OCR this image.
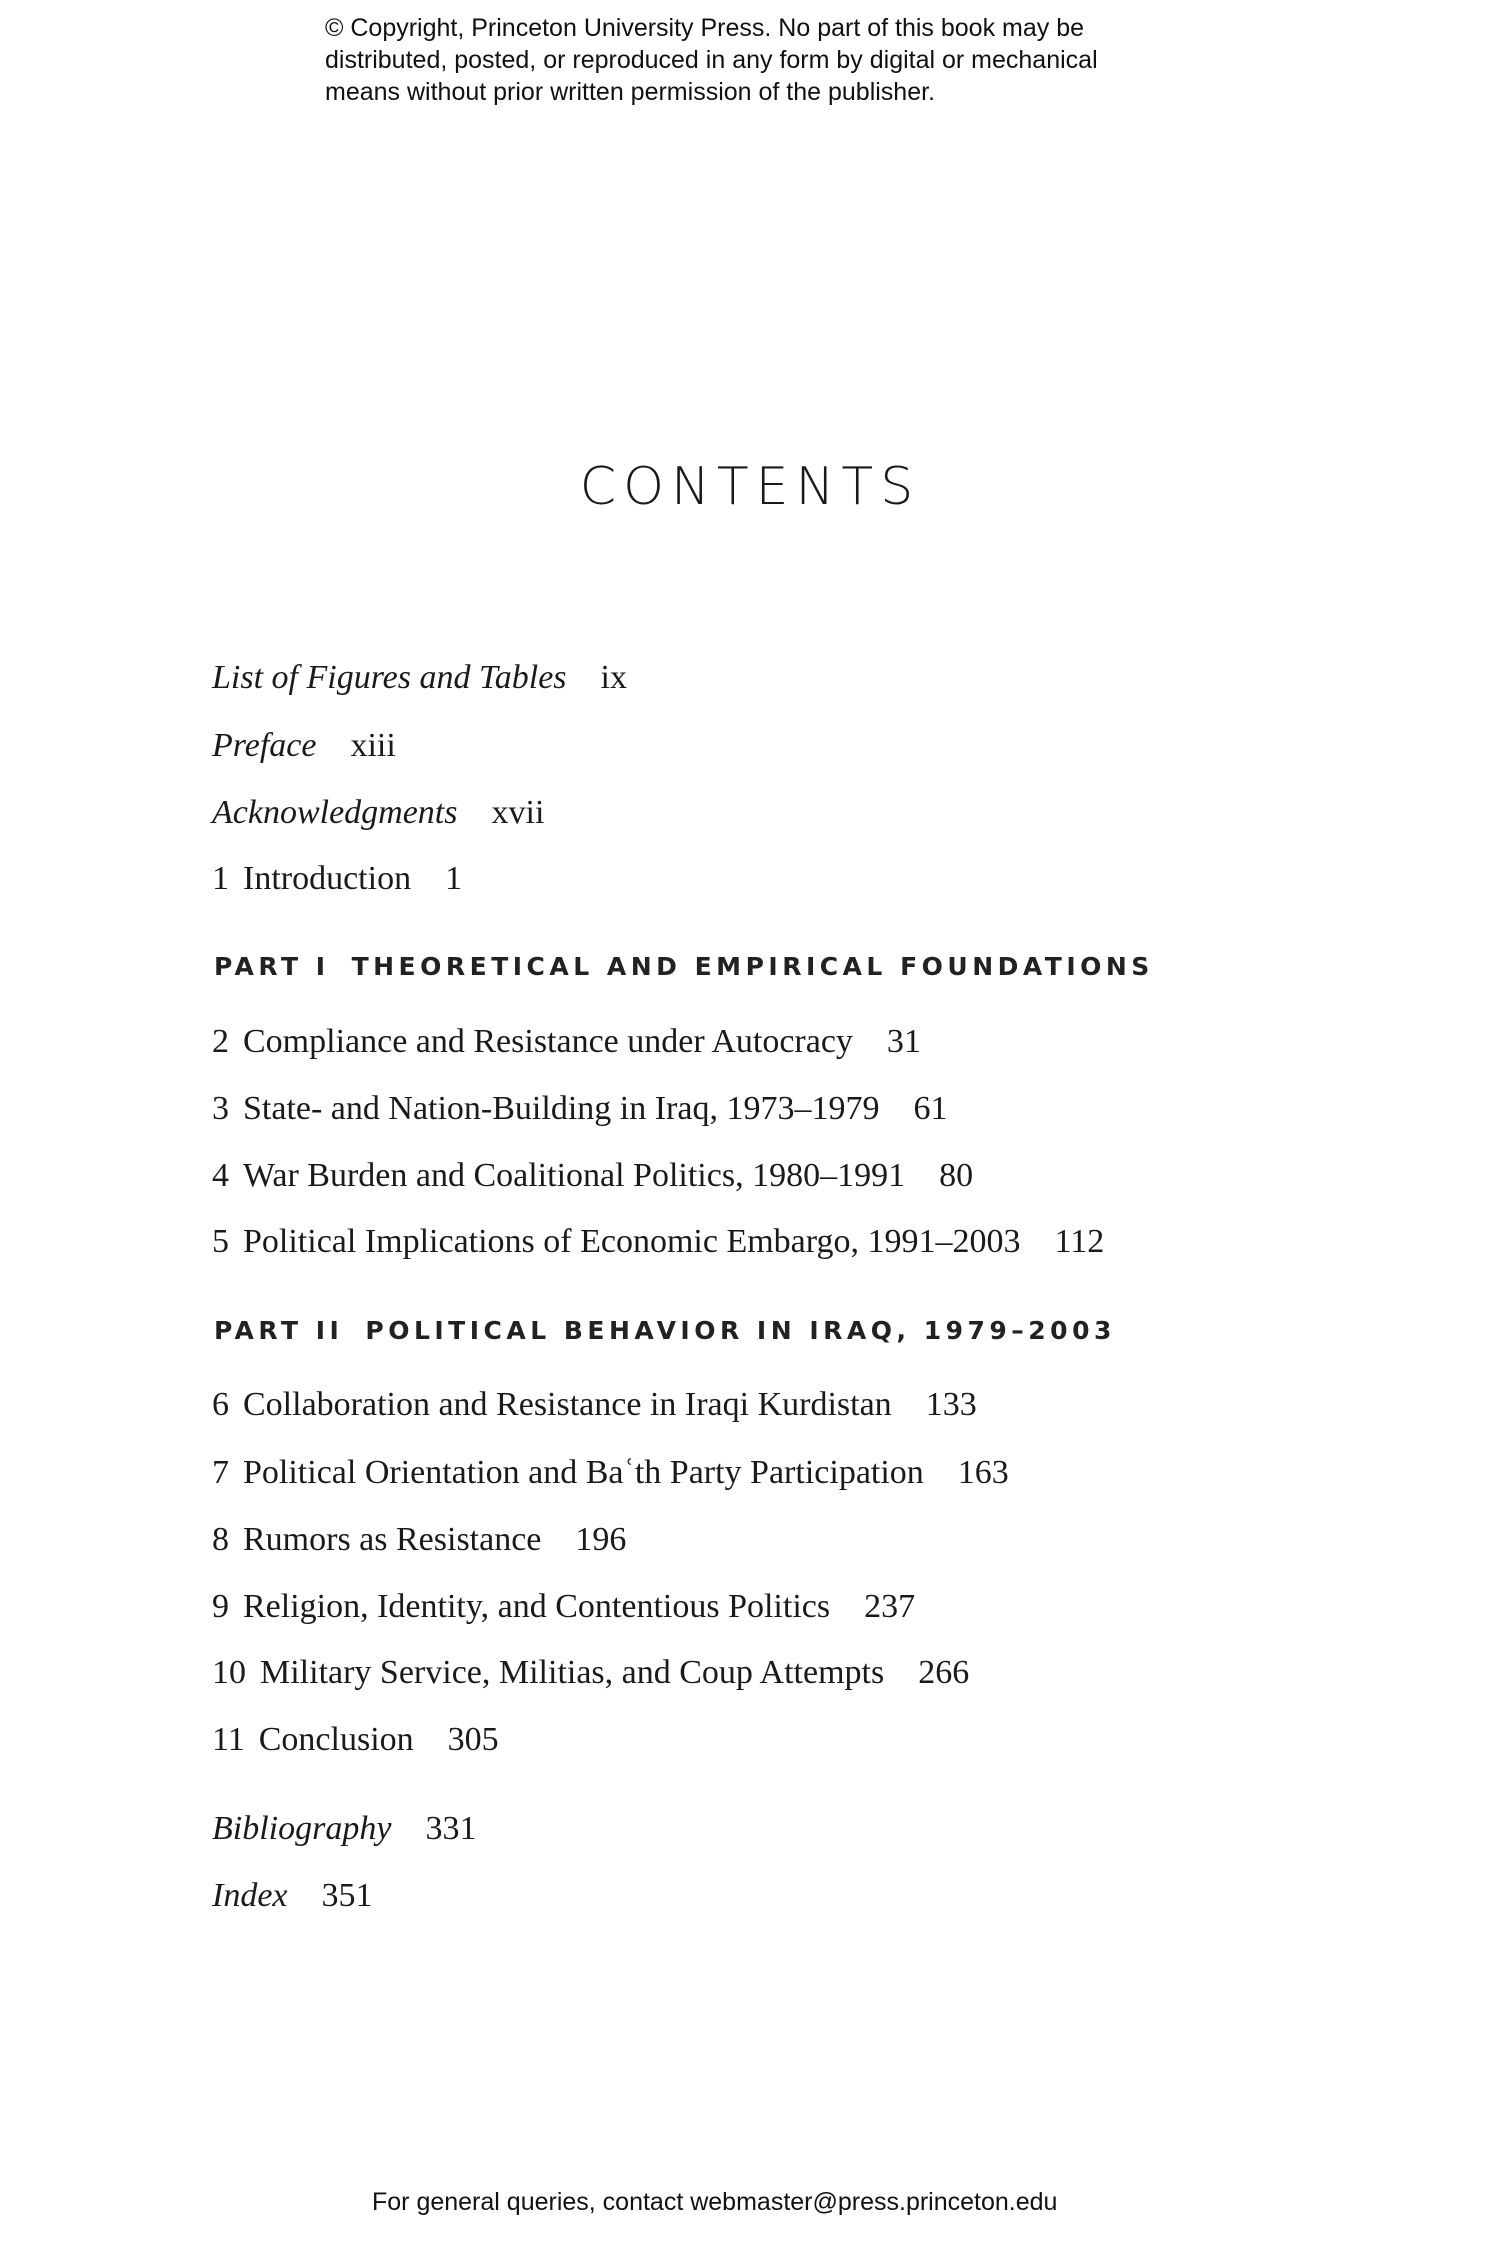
© Copyright, Princeton University Press. No part of this book may be
distributed, posted, or reproduced in any form by digital or mechanical
means without prior written permission of the publisher.
CONTENTS
List of Figures and Tables ix
Preface xiii
Acknowledgments xvii
1 Introduction 1
PART I THEORETICAL AND EMPIRICAL FOUNDATIONS
2 Compliance and Resistance under Autocracy 31
3 State- and Nation-Building in Iraq, 1973–1979 61
4 War Burden and Coalitional Politics, 1980–1991 80
5 Political Implications of Economic Embargo, 1991–2003 112
PART II POLITICAL BEHAVIOR IN IRAQ, 1979–2003
6 Collaboration and Resistance in Iraqi Kurdistan 133
7 Political Orientation and Baʿth Party Participation 163
8 Rumors as Resistance 196
9 Religion, Identity, and Contentious Politics 237
10 Military Service, Militias, and Coup Attempts 266
11 Conclusion 305
Bibliography 331
Index 351
For general queries, contact webmaster@press.princeton.edu
